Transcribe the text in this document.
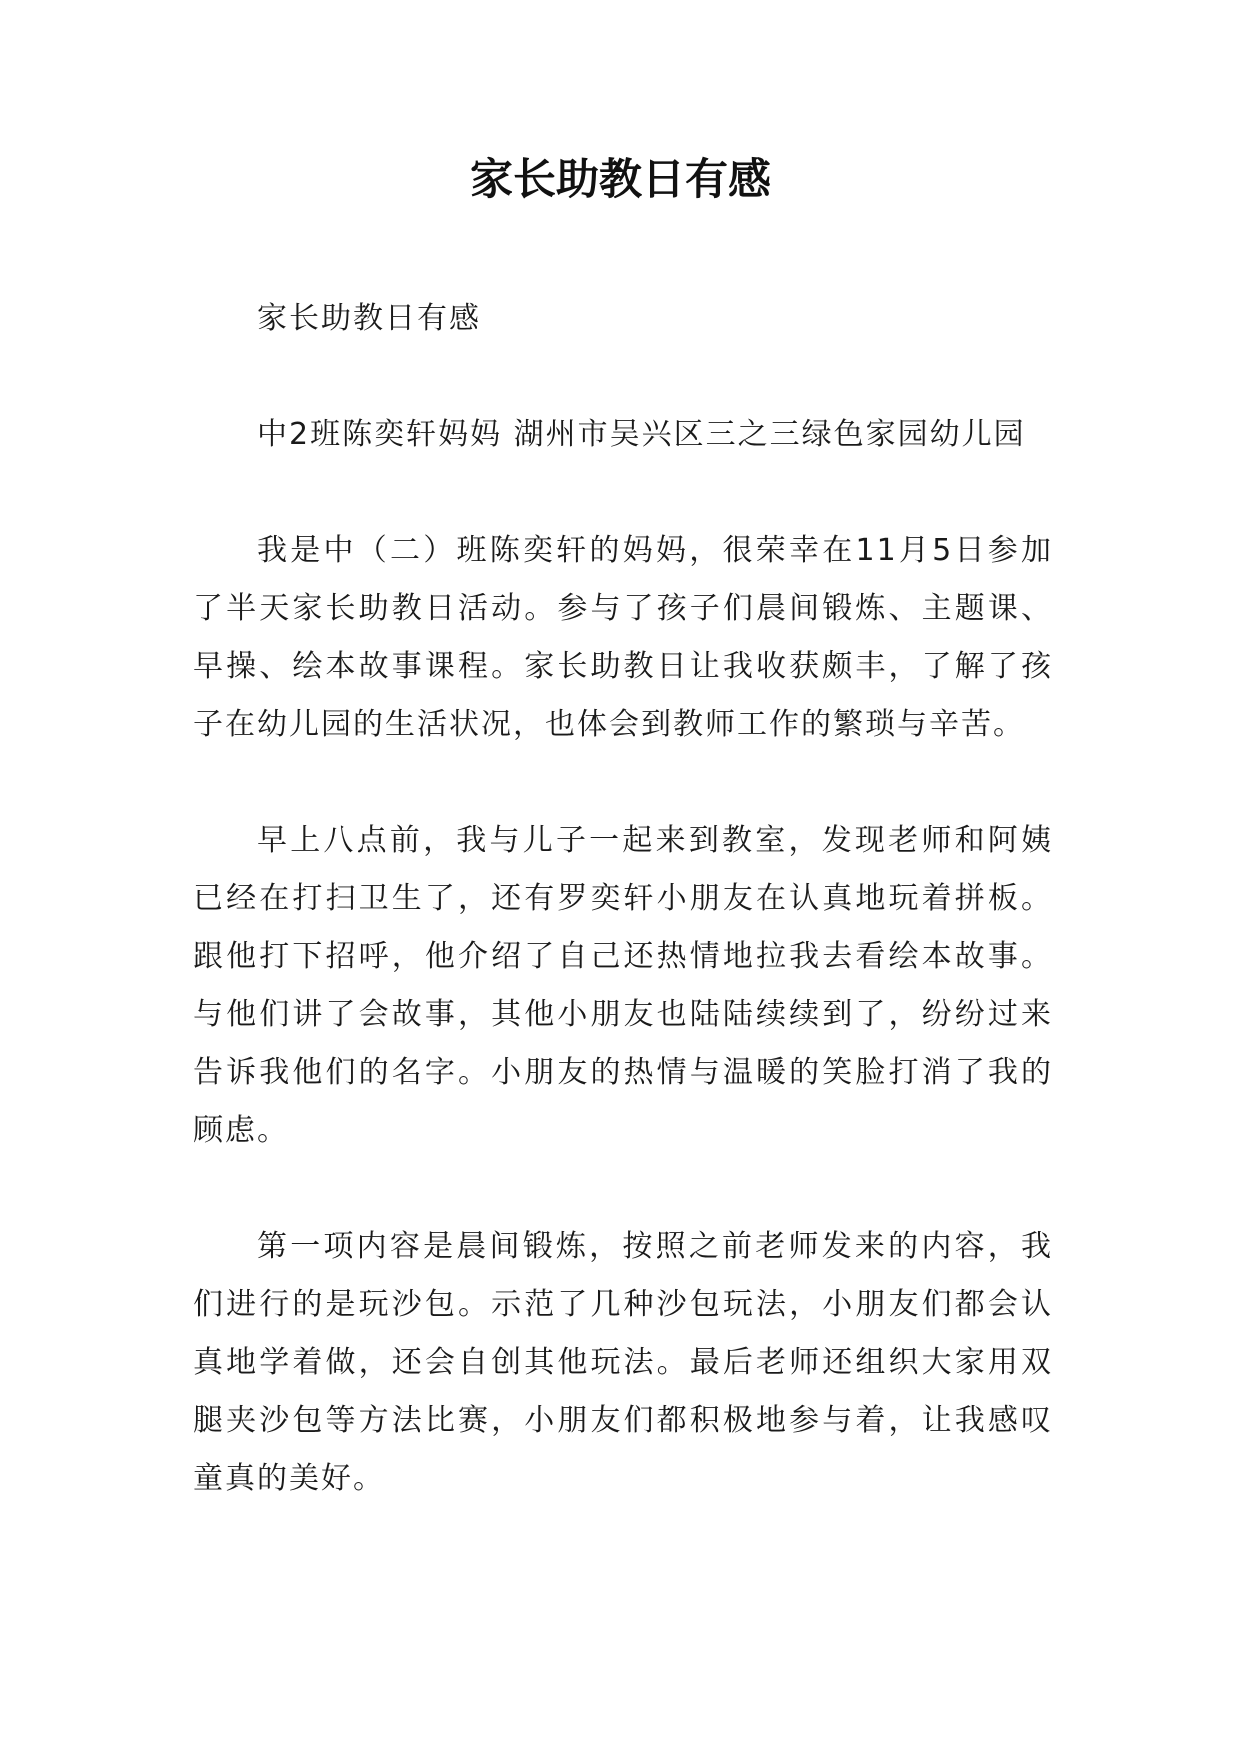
家长助教日有感

家长助教日有感

中2班陈奕轩妈妈 湖州市吴兴区三之三绿色家园幼儿园

我是中（二）班陈奕轩的妈妈，很荣幸在11月5日参加了半天家长助教日活动。参与了孩子们晨间锻炼、主题课、早操、绘本故事课程。家长助教日让我收获颇丰，了解了孩子在幼儿园的生活状况，也体会到教师工作的繁琐与辛苦。

早上八点前，我与儿子一起来到教室，发现老师和阿姨已经在打扫卫生了，还有罗奕轩小朋友在认真地玩着拼板。跟他打下招呼，他介绍了自己还热情地拉我去看绘本故事。与他们讲了会故事，其他小朋友也陆陆续续到了，纷纷过来告诉我他们的名字。小朋友的热情与温暖的笑脸打消了我的顾虑。

第一项内容是晨间锻炼，按照之前老师发来的内容，我们进行的是玩沙包。示范了几种沙包玩法，小朋友们都会认真地学着做，还会自创其他玩法。最后老师还组织大家用双腿夹沙包等方法比赛，小朋友们都积极地参与着，让我感叹童真的美好。
